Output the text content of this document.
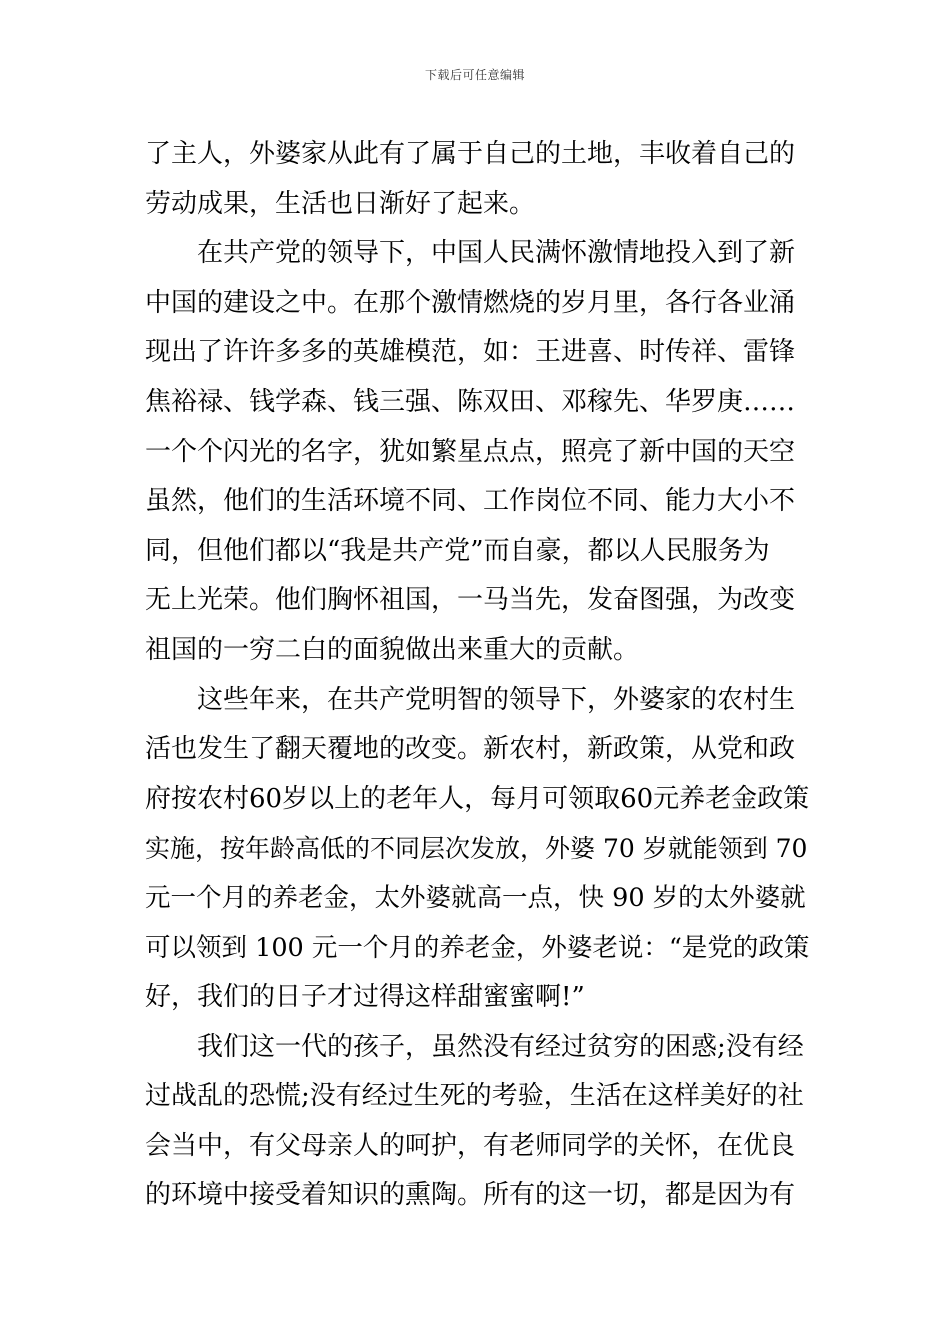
下载后可任意编辑
了主人，外婆家从此有了属于自己的土地，丰收着自己的
劳动成果，生活也日渐好了起来。
在共产党的领导下，中国人民满怀激情地投入到了新
中国的建设之中。在那个激情燃烧的岁月里，各行各业涌
现出了许许多多的英雄模范，如：王进喜、时传祥、雷锋
焦裕禄、钱学森、钱三强、陈双田、邓稼先、华罗庚……
一个个闪光的名字，犹如繁星点点，照亮了新中国的天空
虽然，他们的生活环境不同、工作岗位不同、能力大小不
同，但他们都以“我是共产党”而自豪，都以人民服务为
无上光荣。他们胸怀祖国，一马当先，发奋图强，为改变
祖国的一穷二白的面貌做出来重大的贡献。
这些年来，在共产党明智的领导下，外婆家的农村生
活也发生了翻天覆地的改变。新农村，新政策，从党和政
府按农村60岁以上的老年人，每月可领取60元养老金政策
实施，按年龄高低的不同层次发放，外婆 70 岁就能领到 70
元一个月的养老金，太外婆就高一点，快 90 岁的太外婆就
可以领到 100 元一个月的养老金，外婆老说：“是党的政策
好，我们的日子才过得这样甜蜜蜜啊!”
我们这一代的孩子，虽然没有经过贫穷的困惑;没有经
过战乱的恐慌;没有经过生死的考验，生活在这样美好的社
会当中，有父母亲人的呵护，有老师同学的关怀，在优良
的环境中接受着知识的熏陶。所有的这一切，都是因为有
